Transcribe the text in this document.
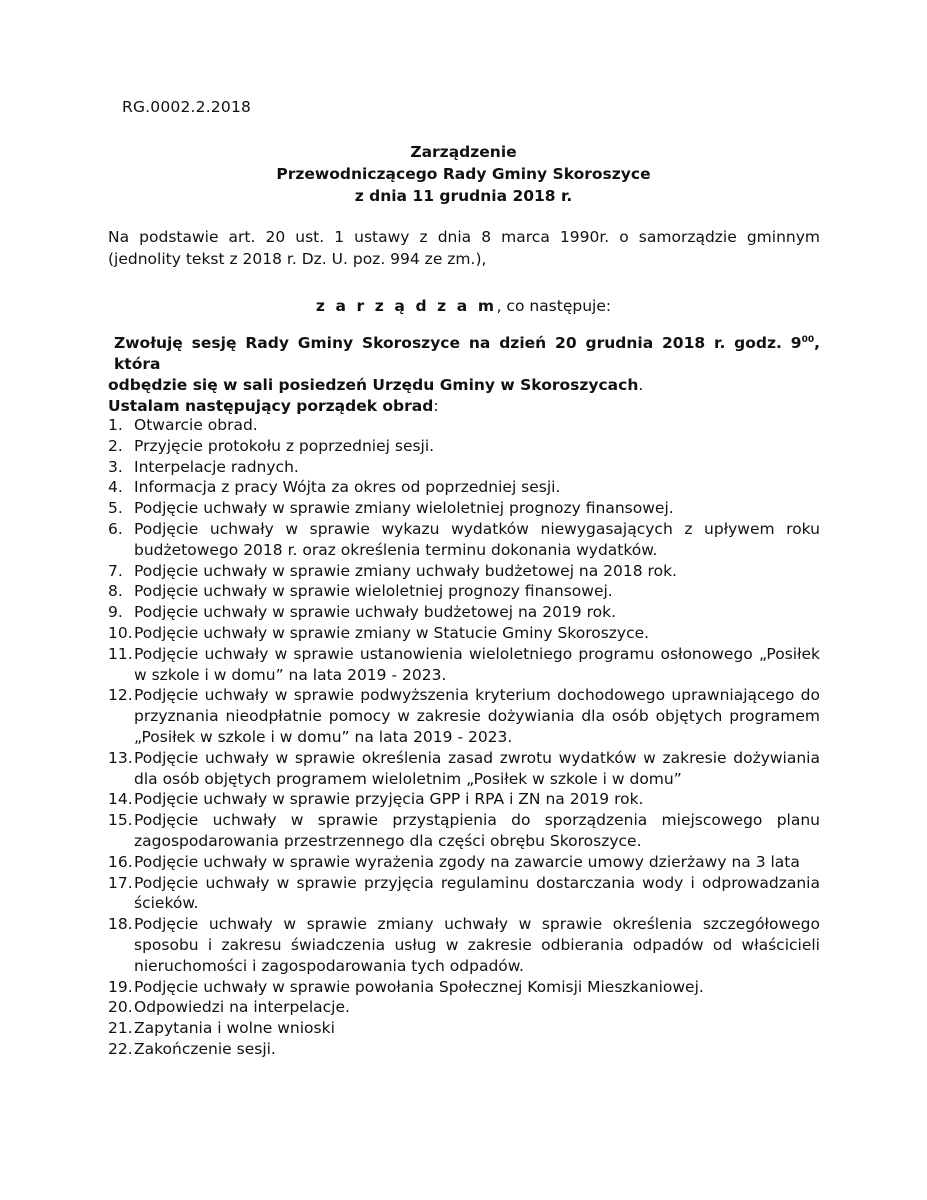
RG.0002.2.2018
Zarządzenie
Przewodniczącego Rady Gminy Skoroszyce
z dnia 11 grudnia 2018 r.
Na podstawie art. 20 ust. 1 ustawy z dnia 8 marca 1990r. o samorządzie gminnym (jednolity tekst z 2018 r. Dz. U. poz. 994 ze zm.),
z a r z ą d z a m, co następuje:
Zwołuję sesję Rady Gminy Skoroszyce na dzień 20 grudnia 2018 r. godz. $9^{00}$, która
odbędzie się w sali posiedzeń Urzędu Gminy w Skoroszycach.
Ustalam następujący porządek obrad:
1. Otwarcie obrad.
2. Przyjęcie protokołu z poprzedniej sesji.
3. Interpelacje radnych.
4. Informacja z pracy Wójta za okres od poprzedniej sesji.
5. Podjęcie uchwały w sprawie zmiany wieloletniej prognozy finansowej.
6. Podjęcie uchwały w sprawie wykazu wydatków niewygasających z upływem roku budżetowego 2018 r. oraz określenia terminu dokonania wydatków.
7. Podjęcie uchwały w sprawie zmiany uchwały budżetowej na 2018 rok.
8. Podjęcie uchwały w sprawie wieloletniej prognozy finansowej.
9. Podjęcie uchwały w sprawie uchwały budżetowej na 2019 rok.
10. Podjęcie uchwały w sprawie zmiany w Statucie Gminy Skoroszyce.
11. Podjęcie uchwały w sprawie ustanowienia wieloletniego programu osłonowego „Posiłek w szkole i w domu” na lata 2019 - 2023.
12. Podjęcie uchwały w sprawie podwyższenia kryterium dochodowego uprawniającego do przyznania nieodpłatnie pomocy w zakresie dożywiania dla osób objętych programem „Posiłek w szkole i w domu” na lata 2019 - 2023.
13. Podjęcie uchwały w sprawie określenia zasad zwrotu wydatków w zakresie dożywiania dla osób objętych programem wieloletnim „Posiłek w szkole i w domu”
14. Podjęcie uchwały w sprawie przyjęcia GPP i RPA i ZN na 2019 rok.
15. Podjęcie uchwały w sprawie przystąpienia do sporządzenia miejscowego planu zagospodarowania przestrzennego dla części obrębu Skoroszyce.
16. Podjęcie uchwały w sprawie wyrażenia zgody na zawarcie umowy dzierżawy na 3 lata
17. Podjęcie uchwały w sprawie przyjęcia regulaminu dostarczania wody i odprowadzania ścieków.
18. Podjęcie uchwały w sprawie zmiany uchwały w sprawie określenia szczegółowego sposobu i zakresu świadczenia usług w zakresie odbierania odpadów od właścicieli nieruchomości i zagospodarowania tych odpadów.
19. Podjęcie uchwały w sprawie powołania Społecznej Komisji Mieszkaniowej.
20. Odpowiedzi na interpelacje.
21. Zapytania i wolne wnioski
22. Zakończenie sesji.
